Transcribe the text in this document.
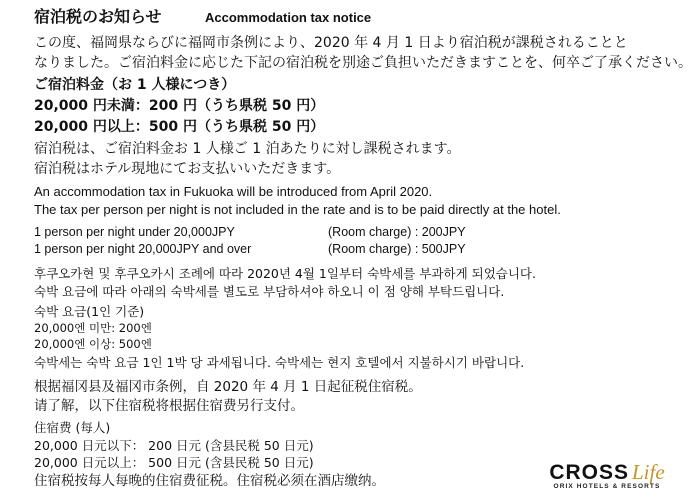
宿泊税のお知らせ	Accommodation tax notice
この度、福岡県ならびに福岡市条例により、2020 年 4 月 1 日より宿泊税が課税されることと
なりました。ご宿泊料金に応じた下記の宿泊税を別途ご負担いただきますことを、何卒ご了承ください。
ご宿泊料金（お 1 人様につき）
20,000 円未満：200 円（うち県税 50 円）
20,000 円以上：500 円（うち県税 50 円）
宿泊税は、ご宿泊料金お 1 人様ご 1 泊あたりに対し課税されます。
宿泊税はホテル現地にてお支払いいただきます。
An accommodation tax in Fukuoka will be introduced from April 2020.
The tax per person per night is not included in the rate and is to be paid directly at the hotel.
1 person per night under 20,000JPY	(Room charge) : 200JPY
1 person per night 20,000JPY and over	(Room charge) : 500JPY
후쿠오카현 및 후쿠오카시 조례에 따라 2020년 4월 1일부터 숙박세를 부과하게 되었습니다.
숙박 요금에 따라 아래의 숙박세를 별도로 부담하셔야 하오니 이 점 양해 부탁드립니다.
숙박 요금(1인 기준)
20,000엔 미만: 200엔
20,000엔 이상: 500엔
숙박세는 숙박 요금 1인 1박 당 과세됩니다. 숙박세는 현지 호텔에서 지불하시기 바랍니다.
根据福冈县及福冈市条例，自 2020 年 4 月 1 日起征税住宿税。
请了解，以下住宿税将根据住宿费另行支付。
住宿费 (每人)
20,000 日元以下： 200 日元 (含县民税 50 日元)
20,000 日元以上： 500 日元 (含县民税 50 日元)
住宿税按每人每晚的住宿费征税。住宿税必须在酒店缴纳。	CROSS Life
ORIX HOTELS & RESORTS
